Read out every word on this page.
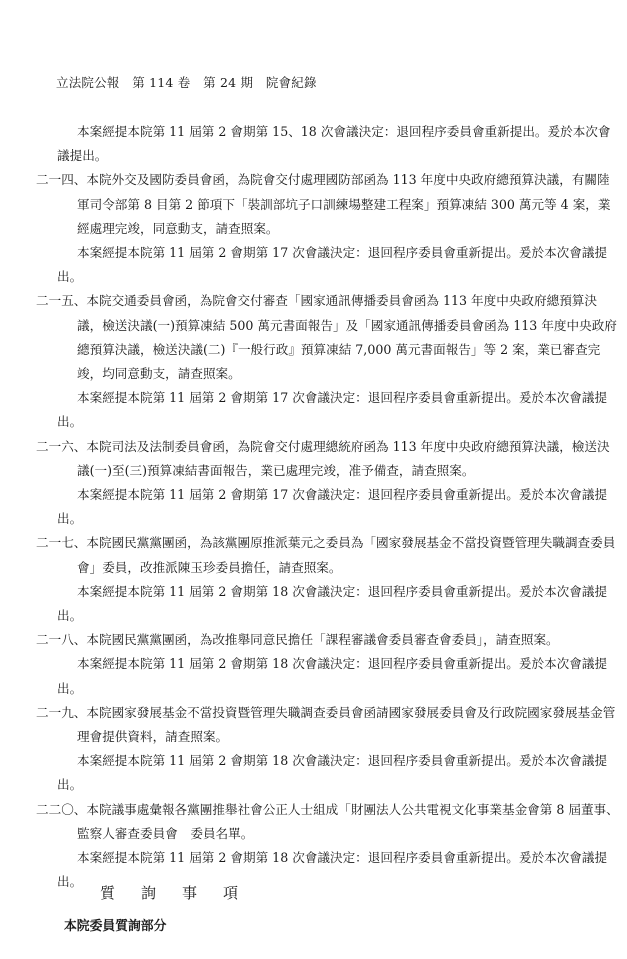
立法院公報　第 114 卷　第 24 期　院會紀錄

本案經提本院第 11 屆第 2 會期第 15、18 次會議決定：退回程序委員會重新提出。爰於本次會議提出。

二一四、本院外交及國防委員會函，為院會交付處理國防部函為 113 年度中央政府總預算決議，有關陸軍司令部第 8 目第 2 節項下「裝訓部坑子口訓練場整建工程案」預算凍結 300 萬元等 4 案，業經處理完竣，同意動支，請查照案。

本案經提本院第 11 屆第 2 會期第 17 次會議決定：退回程序委員會重新提出。爰於本次會議提出。

二一五、本院交通委員會函，為院會交付審查「國家通訊傳播委員會函為 113 年度中央政府總預算決議，檢送決議(一)預算凍結 500 萬元書面報告」及「國家通訊傳播委員會函為 113 年度中央政府總預算決議，檢送決議(二)『一般行政』預算凍結 7,000 萬元書面報告」等 2 案，業已審查完竣，均同意動支，請查照案。

本案經提本院第 11 屆第 2 會期第 17 次會議決定：退回程序委員會重新提出。爰於本次會議提出。

二一六、本院司法及法制委員會函，為院會交付處理總統府函為 113 年度中央政府總預算決議，檢送決議(一)至(三)預算凍結書面報告，業已處理完竣，准予備查，請查照案。

本案經提本院第 11 屆第 2 會期第 17 次會議決定：退回程序委員會重新提出。爰於本次會議提出。

二一七、本院國民黨黨團函，為該黨團原推派葉元之委員為「國家發展基金不當投資暨管理失職調查委員會」委員，改推派陳玉珍委員擔任，請查照案。

本案經提本院第 11 屆第 2 會期第 18 次會議決定：退回程序委員會重新提出。爰於本次會議提出。

二一八、本院國民黨黨團函，為改推舉同意民擔任「課程審議會委員審查會委員」，請查照案。

本案經提本院第 11 屆第 2 會期第 18 次會議決定：退回程序委員會重新提出。爰於本次會議提出。

二一九、本院國家發展基金不當投資暨管理失職調查委員會函請國家發展委員會及行政院國家發展基金管理會提供資料，請查照案。

本案經提本院第 11 屆第 2 會期第 18 次會議決定：退回程序委員會重新提出。爰於本次會議提出。

二二〇、本院議事處彙報各黨團推舉社會公正人士組成「財團法人公共電視文化事業基金會第 8 屆董事、監察人審查委員會　委員名單。

本案經提本院第 11 屆第 2 會期第 18 次會議決定：退回程序委員會重新提出。爰於本次會議提出。

質詢事項
本院委員質詢部分
